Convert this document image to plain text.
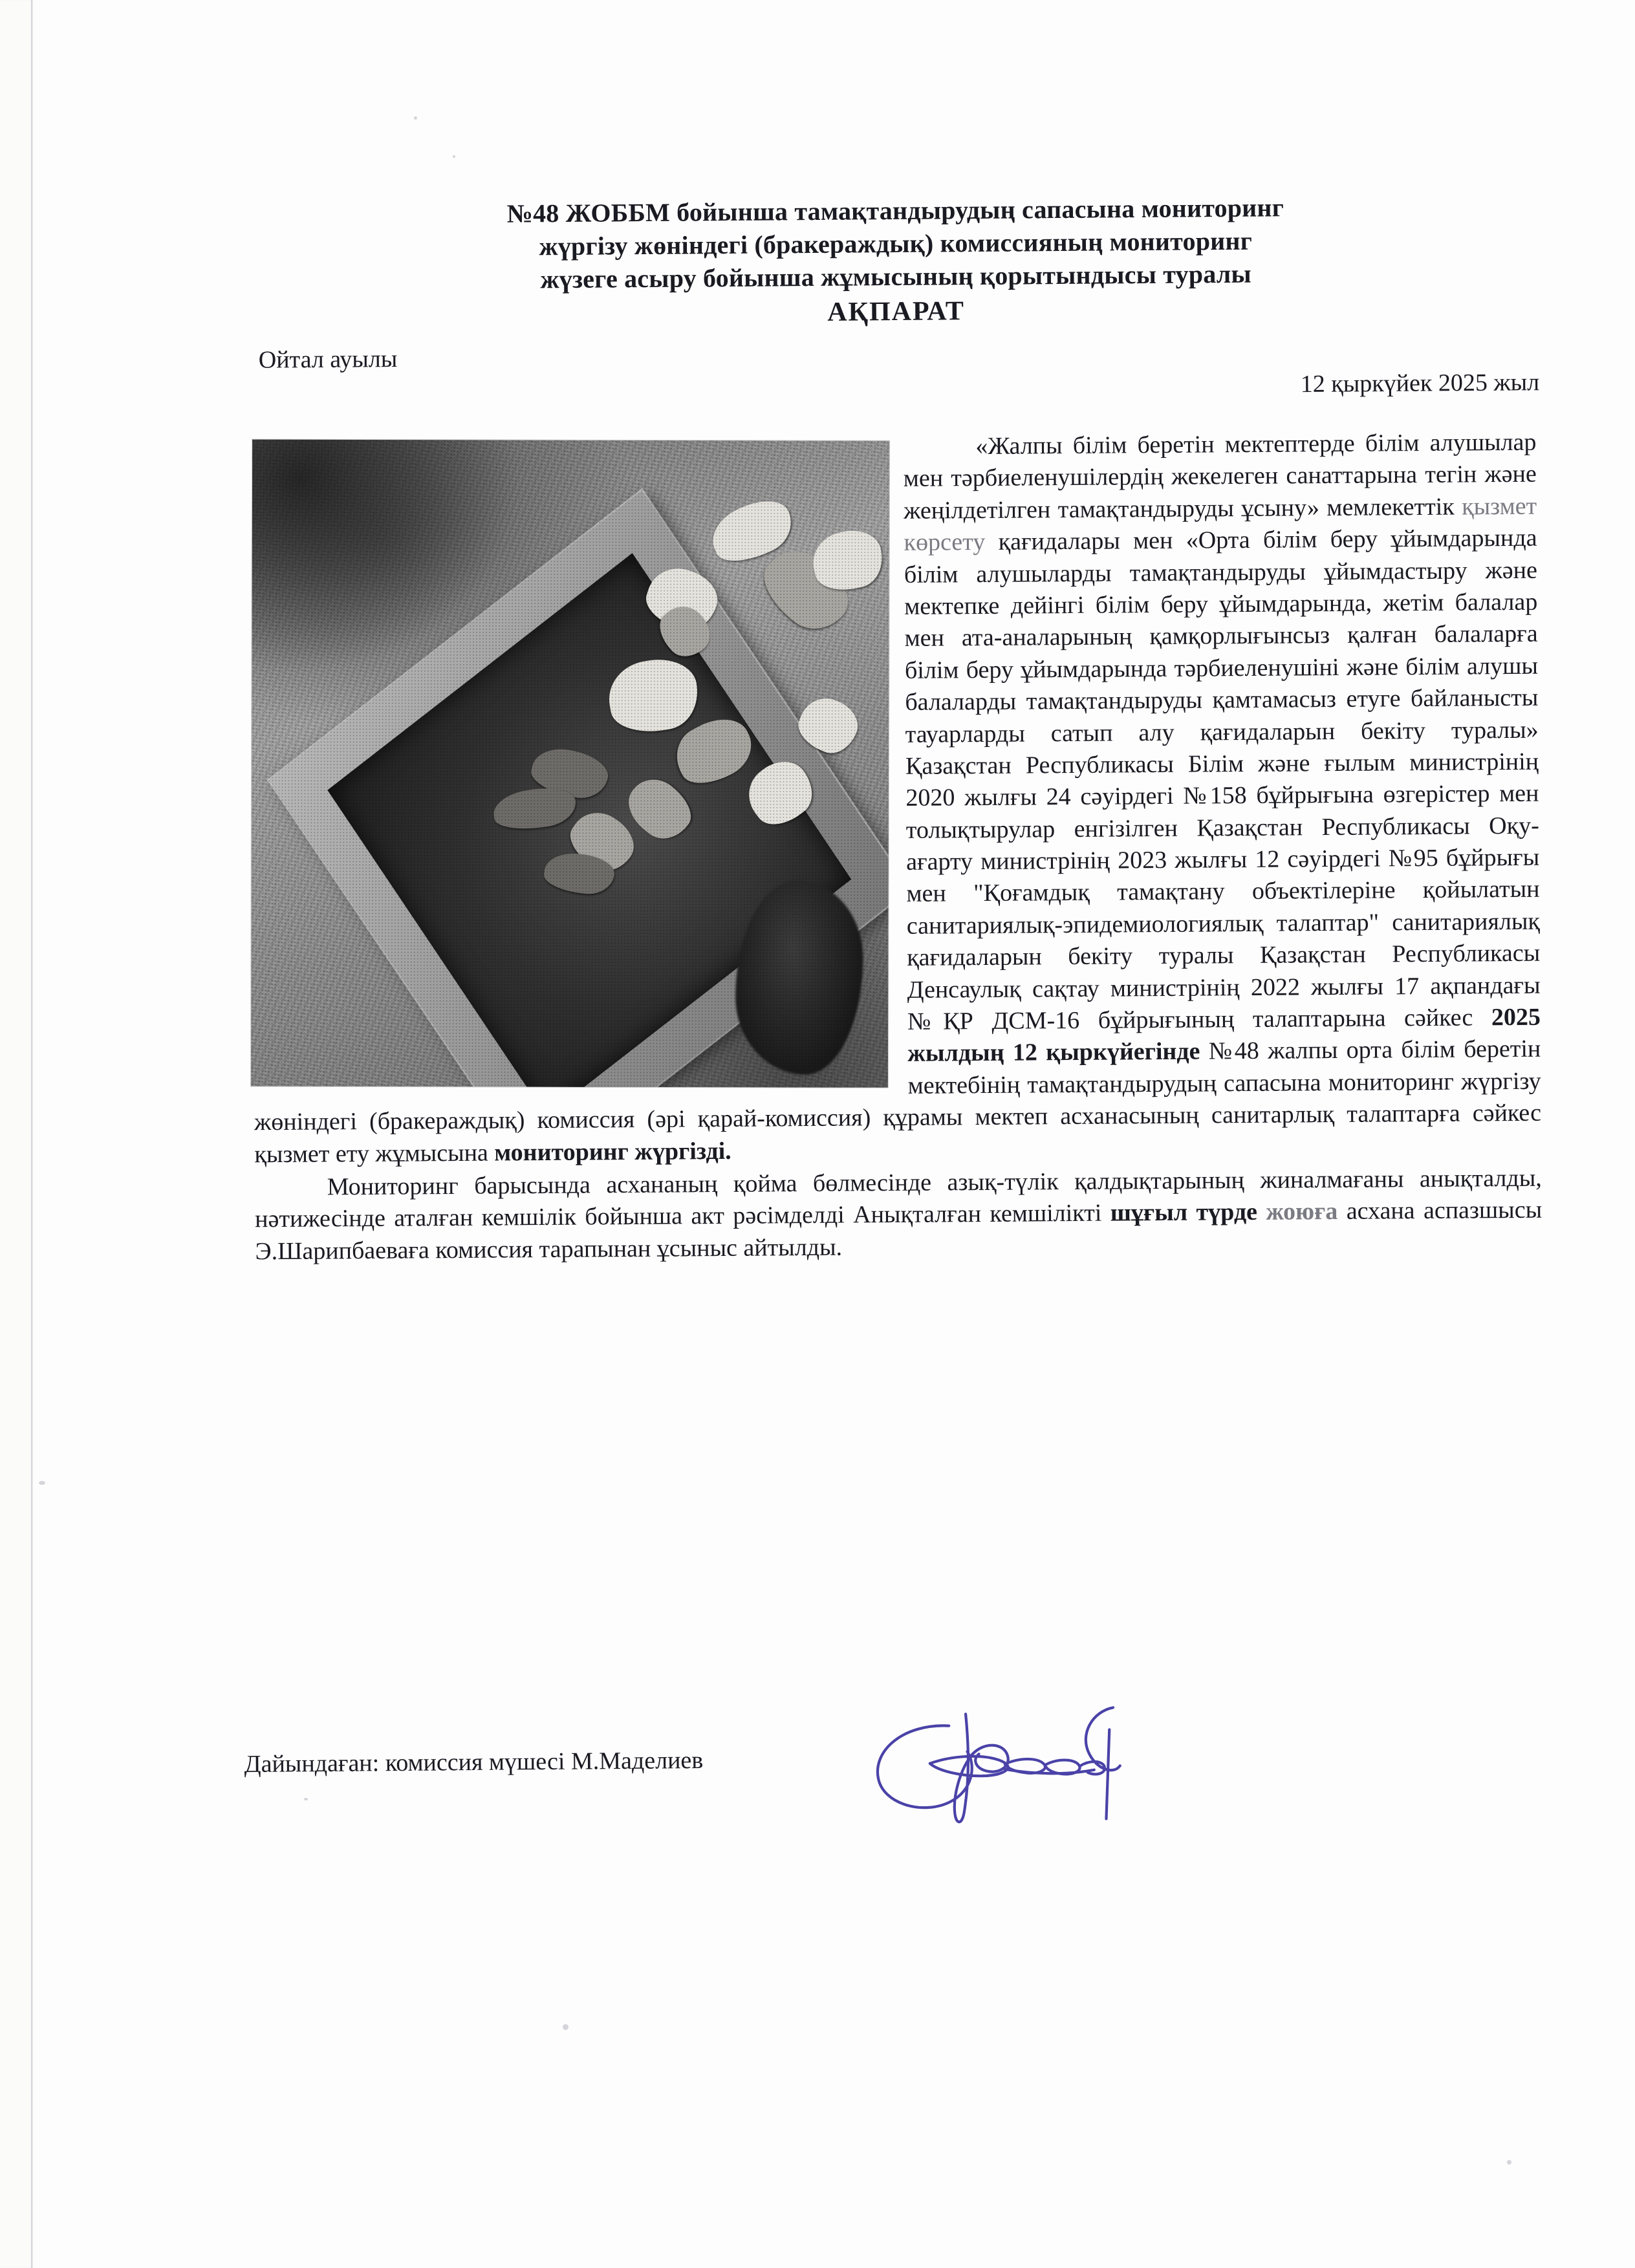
№48 ЖОББМ бойынша тамақтандырудың сапасына мониторинг
жүргізу жөніндегі (бракераждық) комиссияның мониторинг
жүзеге асыру бойынша жұмысының қорытындысы туралы
АҚПАРАТ
Ойтал ауылы
12 қыркүйек 2025 жыл

«Жалпы білім беретін мектептерде білім алушылар мен тәрбиеленушілердің жекелеген санаттарына тегін және жеңілдетілген тамақтандыруды ұсыну» мемлекеттік қызмет көрсету қағидалары мен «Орта білім беру ұйымдарында білім алушыларды тамақтандыруды ұйымдастыру және мектепке дейінгі білім беру ұйымдарында, жетім балалар мен ата-аналарының қамқорлығынсыз қалған балаларға білім беру ұйымдарында тәрбиеленушіні және білім алушы балаларды тамақтандыруды қамтамасыз етуге байланысты тауарларды сатып алу қағидаларын бекіту туралы» Қазақстан Республикасы Білім және ғылым министрінің 2020 жылғы 24 сәуірдегі №158 бұйрығына өзгерістер мен толықтырулар енгізілген Қазақстан Республикасы Оқу-ағарту министрінің 2023 жылғы 12 сәуірдегі №95 бұйрығы мен "Қоғамдық тамақтану объектілеріне қойылатын санитариялық-эпидемиологиялық талаптар" санитариялық қағидаларын бекіту туралы Қазақстан Республикасы Денсаулық сақтау министрінің 2022 жылғы 17 ақпандағы №ҚР ДСМ-16 бұйрығының талаптарына сәйкес 2025 жылдың 12 қыркүйегінде №48 жалпы орта білім беретін мектебінің тамақтандырудың сапасына мониторинг жүргізу жөніндегі (бракераждық) комиссия (әрі қарай-комиссия) құрамы мектеп асханасының санитарлық талаптарға сәйкес қызмет ету жұмысына мониторинг жүргізді.

Мониторинг барысында асхананың қойма бөлмесінде азық-түлік қалдықтарының жиналмағаны анықталды, нәтижесінде аталған кемшілік бойынша акт рәсімделді Анықталған кемшілікті шұғыл түрде жоюға асхана аспазшысы Э.Шарипбаеваға комиссия тарапынан ұсыныс айтылды.

Дайындаған: комиссия мүшесі М.Маделиев
